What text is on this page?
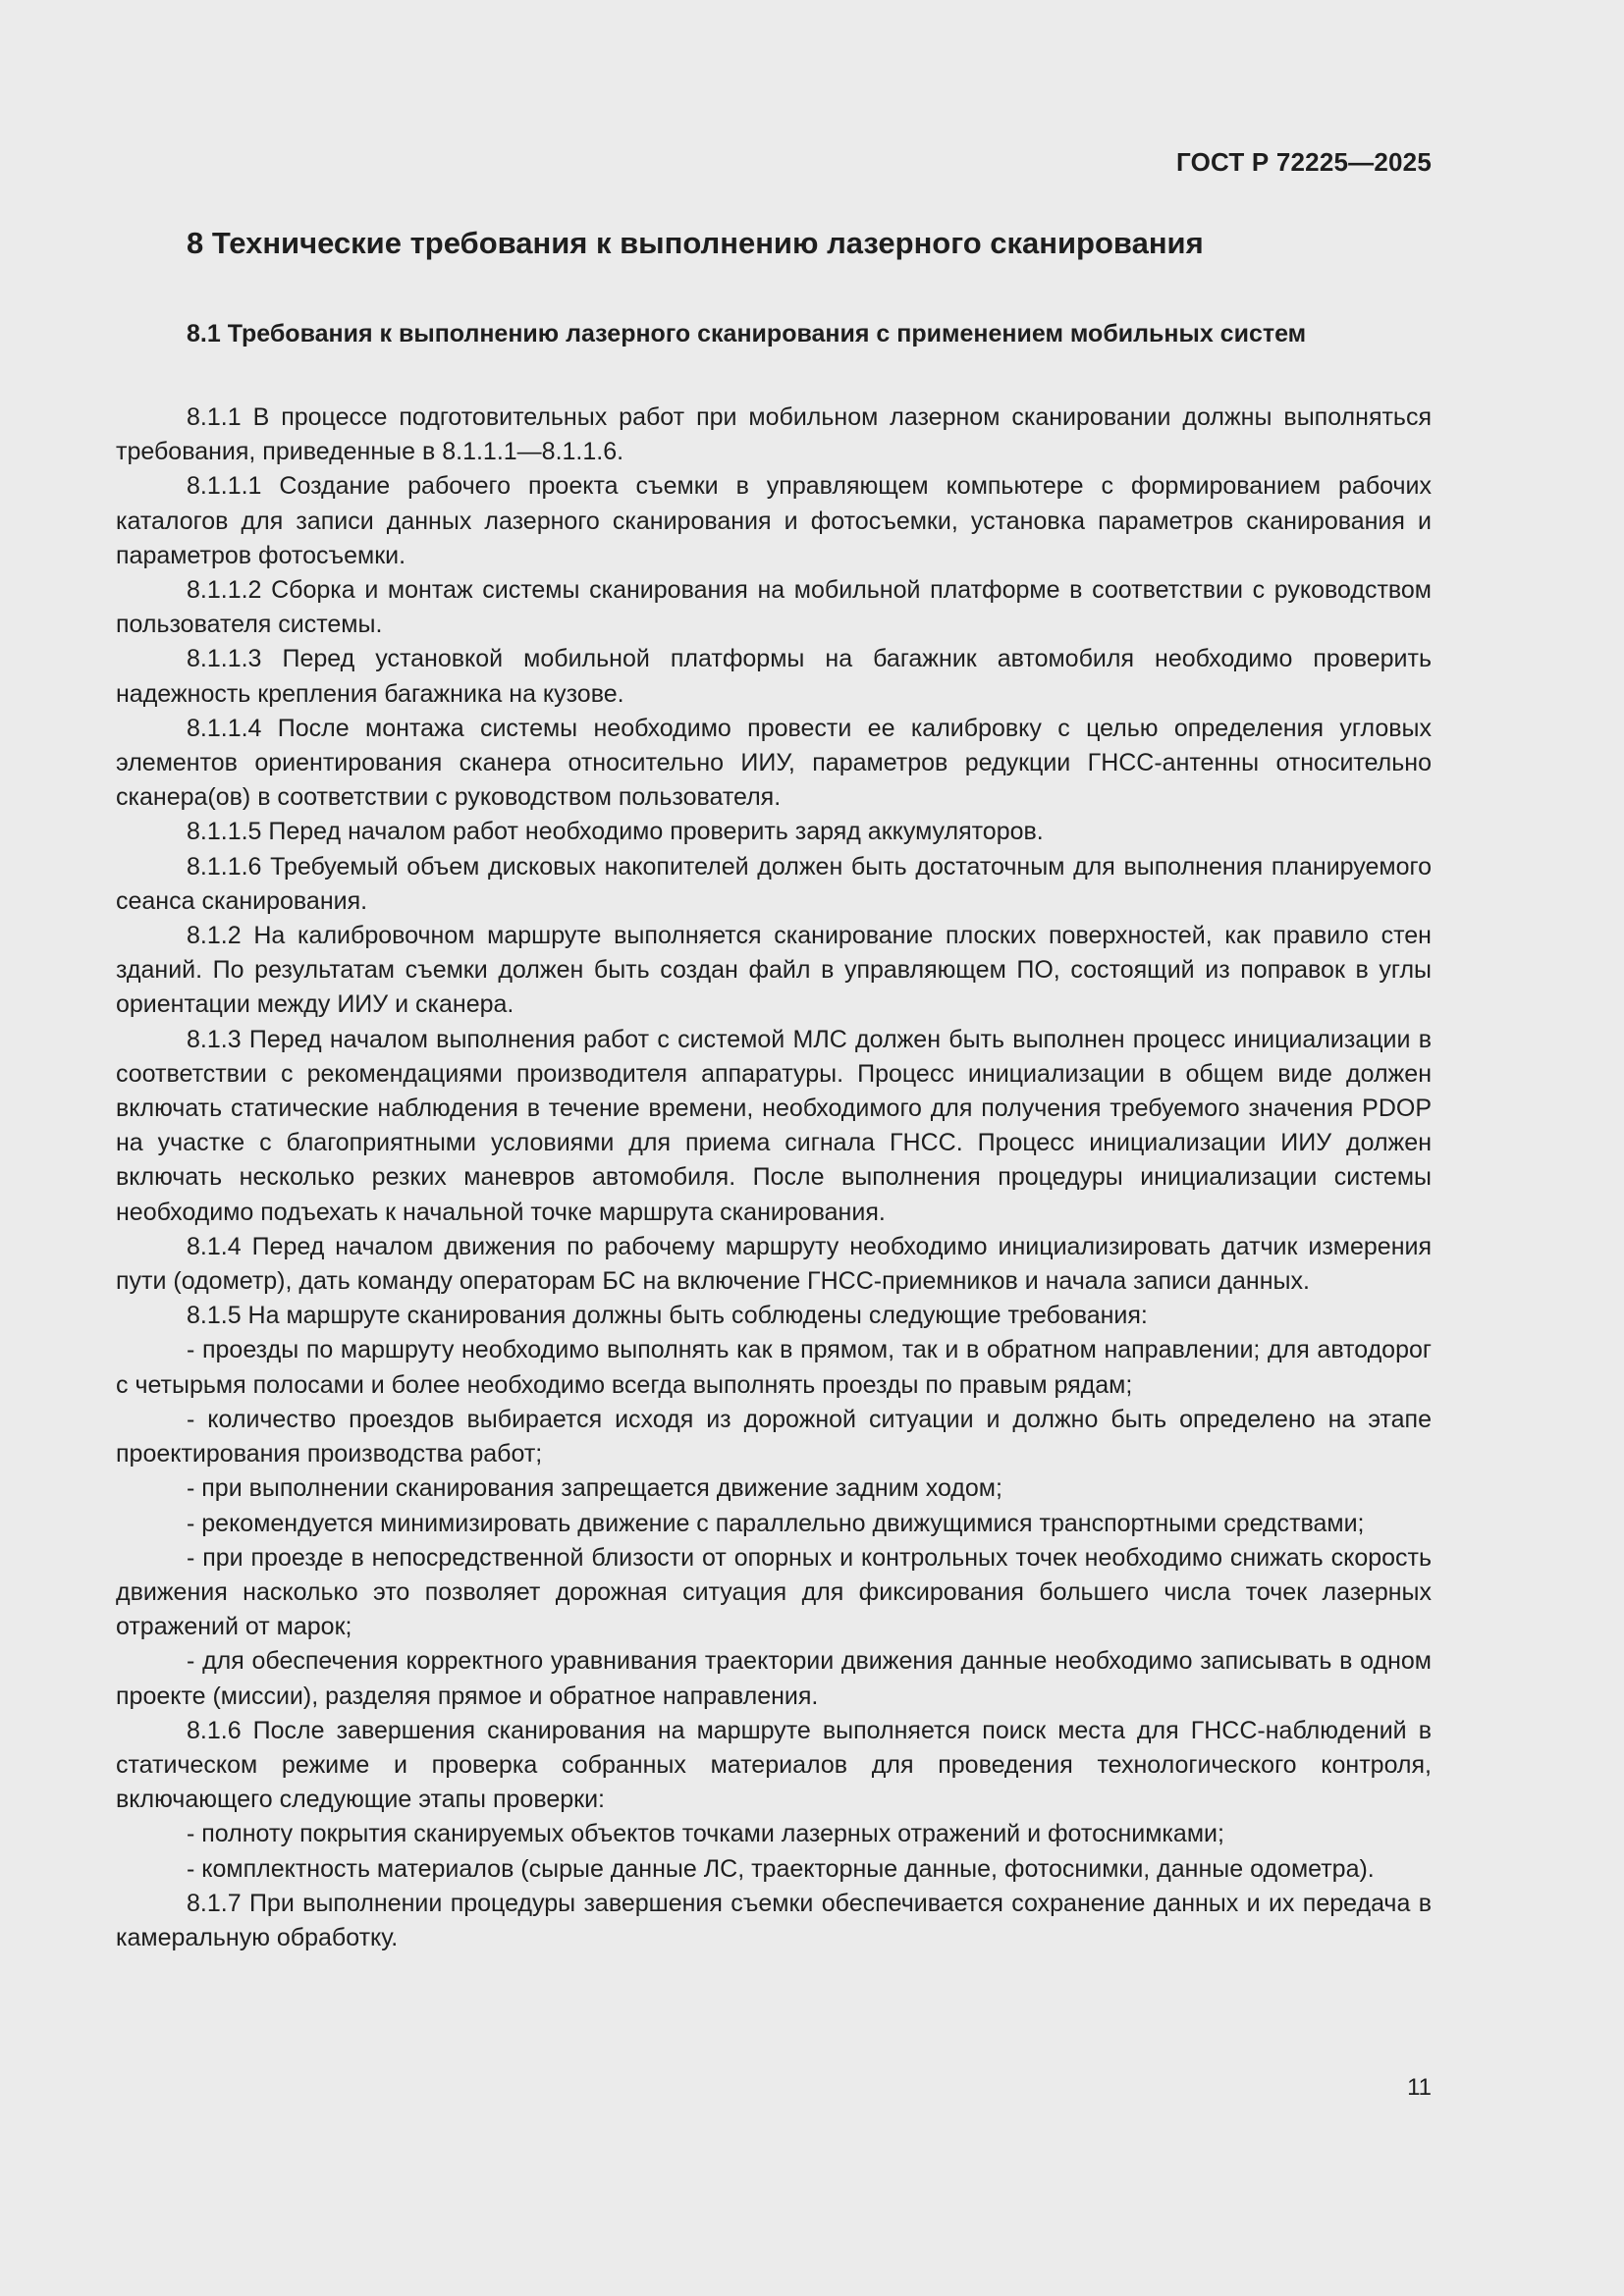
ГОСТ Р 72225—2025
8 Технические требования к выполнению лазерного сканирования
8.1 Требования к выполнению лазерного сканирования с применением мобильных систем

8.1.1 В процессе подготовительных работ при мобильном лазерном сканировании должны выполняться требования, приведенные в 8.1.1.1—8.1.1.6.

8.1.1.1 Создание рабочего проекта съемки в управляющем компьютере с формированием рабочих каталогов для записи данных лазерного сканирования и фотосъемки, установка параметров сканирования и параметров фотосъемки.

8.1.1.2 Сборка и монтаж системы сканирования на мобильной платформе в соответствии с руководством пользователя системы.

8.1.1.3 Перед установкой мобильной платформы на багажник автомобиля необходимо проверить надежность крепления багажника на кузове.

8.1.1.4 После монтажа системы необходимо провести ее калибровку с целью определения угловых элементов ориентирования сканера относительно ИИУ, параметров редукции ГНСС-антенны относительно сканера(ов) в соответствии с руководством пользователя.

8.1.1.5 Перед началом работ необходимо проверить заряд аккумуляторов.

8.1.1.6 Требуемый объем дисковых накопителей должен быть достаточным для выполнения планируемого сеанса сканирования.

8.1.2 На калибровочном маршруте выполняется сканирование плоских поверхностей, как правило стен зданий. По результатам съемки должен быть создан файл в управляющем ПО, состоящий из поправок в углы ориентации между ИИУ и сканера.

8.1.3 Перед началом выполнения работ с системой МЛС должен быть выполнен процесс инициализации в соответствии с рекомендациями производителя аппаратуры. Процесс инициализации в общем виде должен включать статические наблюдения в течение времени, необходимого для получения требуемого значения PDOP на участке с благоприятными условиями для приема сигнала ГНСС. Процесс инициализации ИИУ должен включать несколько резких маневров автомобиля. После выполнения процедуры инициализации системы необходимо подъехать к начальной точке маршрута сканирования.

8.1.4 Перед началом движения по рабочему маршруту необходимо инициализировать датчик измерения пути (одометр), дать команду операторам БС на включение ГНСС-приемников и начала записи данных.

8.1.5 На маршруте сканирования должны быть соблюдены следующие требования:

- проезды по маршруту необходимо выполнять как в прямом, так и в обратном направлении; для автодорог с четырьмя полосами и более необходимо всегда выполнять проезды по правым рядам;

- количество проездов выбирается исходя из дорожной ситуации и должно быть определено на этапе проектирования производства работ;

- при выполнении сканирования запрещается движение задним ходом;

- рекомендуется минимизировать движение с параллельно движущимися транспортными средствами;

- при проезде в непосредственной близости от опорных и контрольных точек необходимо снижать скорость движения насколько это позволяет дорожная ситуация для фиксирования большего числа точек лазерных отражений от марок;

- для обеспечения корректного уравнивания траектории движения данные необходимо записывать в одном проекте (миссии), разделяя прямое и обратное направления.

8.1.6 После завершения сканирования на маршруте выполняется поиск места для ГНСС-наблюдений в статическом режиме и проверка собранных материалов для проведения технологического контроля, включающего следующие этапы проверки:

- полноту покрытия сканируемых объектов точками лазерных отражений и фотоснимками;

- комплектность материалов (сырые данные ЛС, траекторные данные, фотоснимки, данные одометра).

8.1.7 При выполнении процедуры завершения съемки обеспечивается сохранение данных и их передача в камеральную обработку.

11
